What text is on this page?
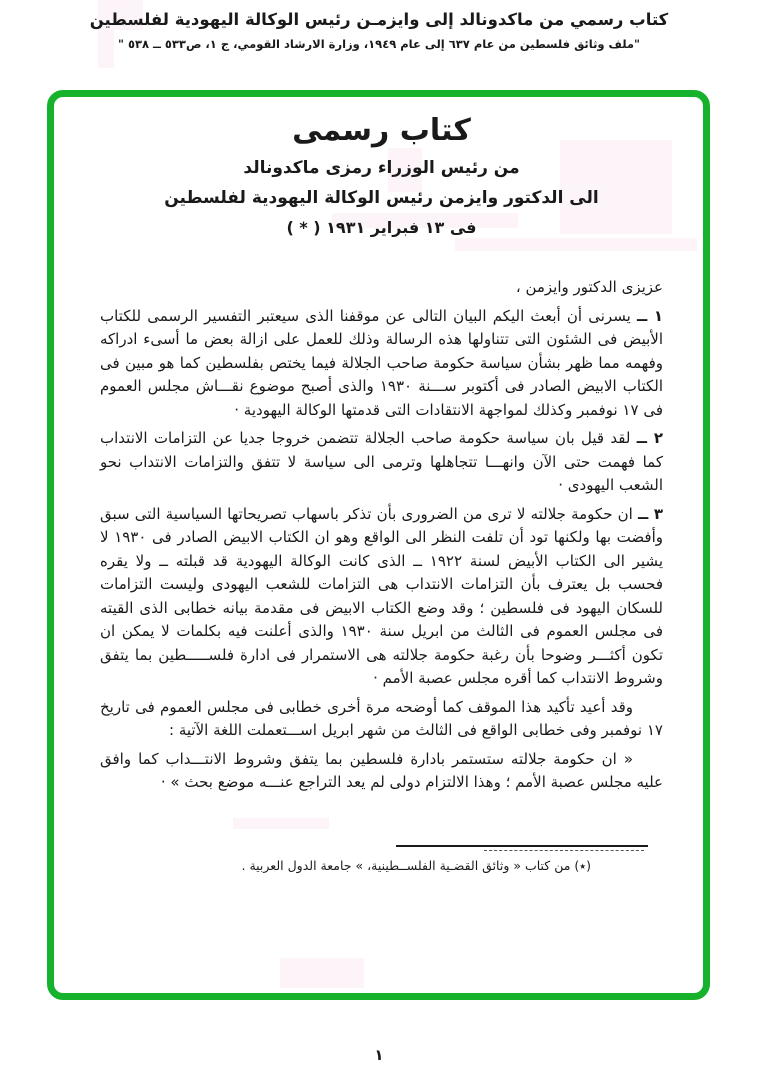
كتاب رسمي من ماكدونالد إلى وايزمـن رئيس الوكالة اليهودية لفلسطين
"ملف وثائق فلسطين من عام ٦٣٧ إلى عام ١٩٤٩، وزارة الارشاد القومي، ج ١، ص٥٣٣ ــ ٥٣٨ "
كتاب رسمى
من رئيس الوزراء رمزى ماكدونالد
الى الدكتور وايزمن رئيس الوكالة اليهودية لفلسطين
فى ١٣ فبراير ١٩٣١ ( * )
عزيزى الدكتور وايزمن ،
١ ــ يسرنى أن أبعث اليكم البيان التالى عن موقفنا الذى سيعتبر التفسير الرسمى للكتاب الأبيض فى الشئون التى تتناولها هذه الرسالة وذلك للعمل على ازالة بعض ما أسىء ادراكه وفهمه مما ظهر بشأن سياسة حكومة صاحب الجلالة فيما يختص بفلسطين كما هو مبين فى الكتاب الابيض الصادر فى أكتوبر ســـنة ١٩٣٠ والذى أصبح موضوع نقـــاش مجلس العموم فى ١٧ نوفمبر وكذلك لمواجهة الانتقادات التى قدمتها الوكالة اليهودية ·
٢ ــ لقد قيل بان سياسة حكومة صاحب الجلالة تتضمن خروجا جديا عن التزامات الانتداب كما فهمت حتى الآن وانهـــا تتجاهلها وترمى الى سياسة لا تتفق والتزامات الانتداب نحو الشعب اليهودى ·
٣ ــ ان حكومة جلالته لا ترى من الضرورى بأن تذكر باسهاب تصريحاتها السياسية التى سبق وأفضت بها ولكنها تود أن تلفت النظر الى الواقع وهو ان الكتاب الابيض الصادر فى ١٩٣٠ لا يشير الى الكتاب الأبيض لسنة ١٩٢٢ ــ الذى كانت الوكالة اليهودية قد قبلته ــ ولا يقره فحسب بل يعترف بأن التزامات الانتداب هى التزامات للشعب اليهودى وليست التزامات للسكان اليهود فى فلسطين ؛ وقد وضع الكتاب الابيض فى مقدمة بيانه خطابى الذى القيته فى مجلس العموم فى الثالث من ابريل سنة ١٩٣٠ والذى أعلنت فيه بكلمات لا يمكن ان تكون أكثـــر وضوحا بأن رغبة حكومة جلالته هى الاستمرار فى ادارة فلســـــطين بما يتفق وشروط الانتداب كما أقره مجلس عصبة الأمم ·
وقد أعيد تأكيد هذا الموقف كما أوضحه مرة أخرى خطابى فى مجلس العموم فى تاريخ ١٧ نوفمبر وفى خطابى الواقع فى الثالث من شهر ابريل اســـتعملت اللغة الآتية :
« ان حكومة جلالته ستستمر بادارة فلسطين بما يتفق وشروط الانتـــداب كما وافق عليه مجلس عصبة الأمم ؛ وهذا الالتزام دولى لم يعد التراجع عنـــه موضع بحث » ·
(٭) من كتاب « وثائق القضـية الفلســطينية، » جامعة الدول العربية .
١
